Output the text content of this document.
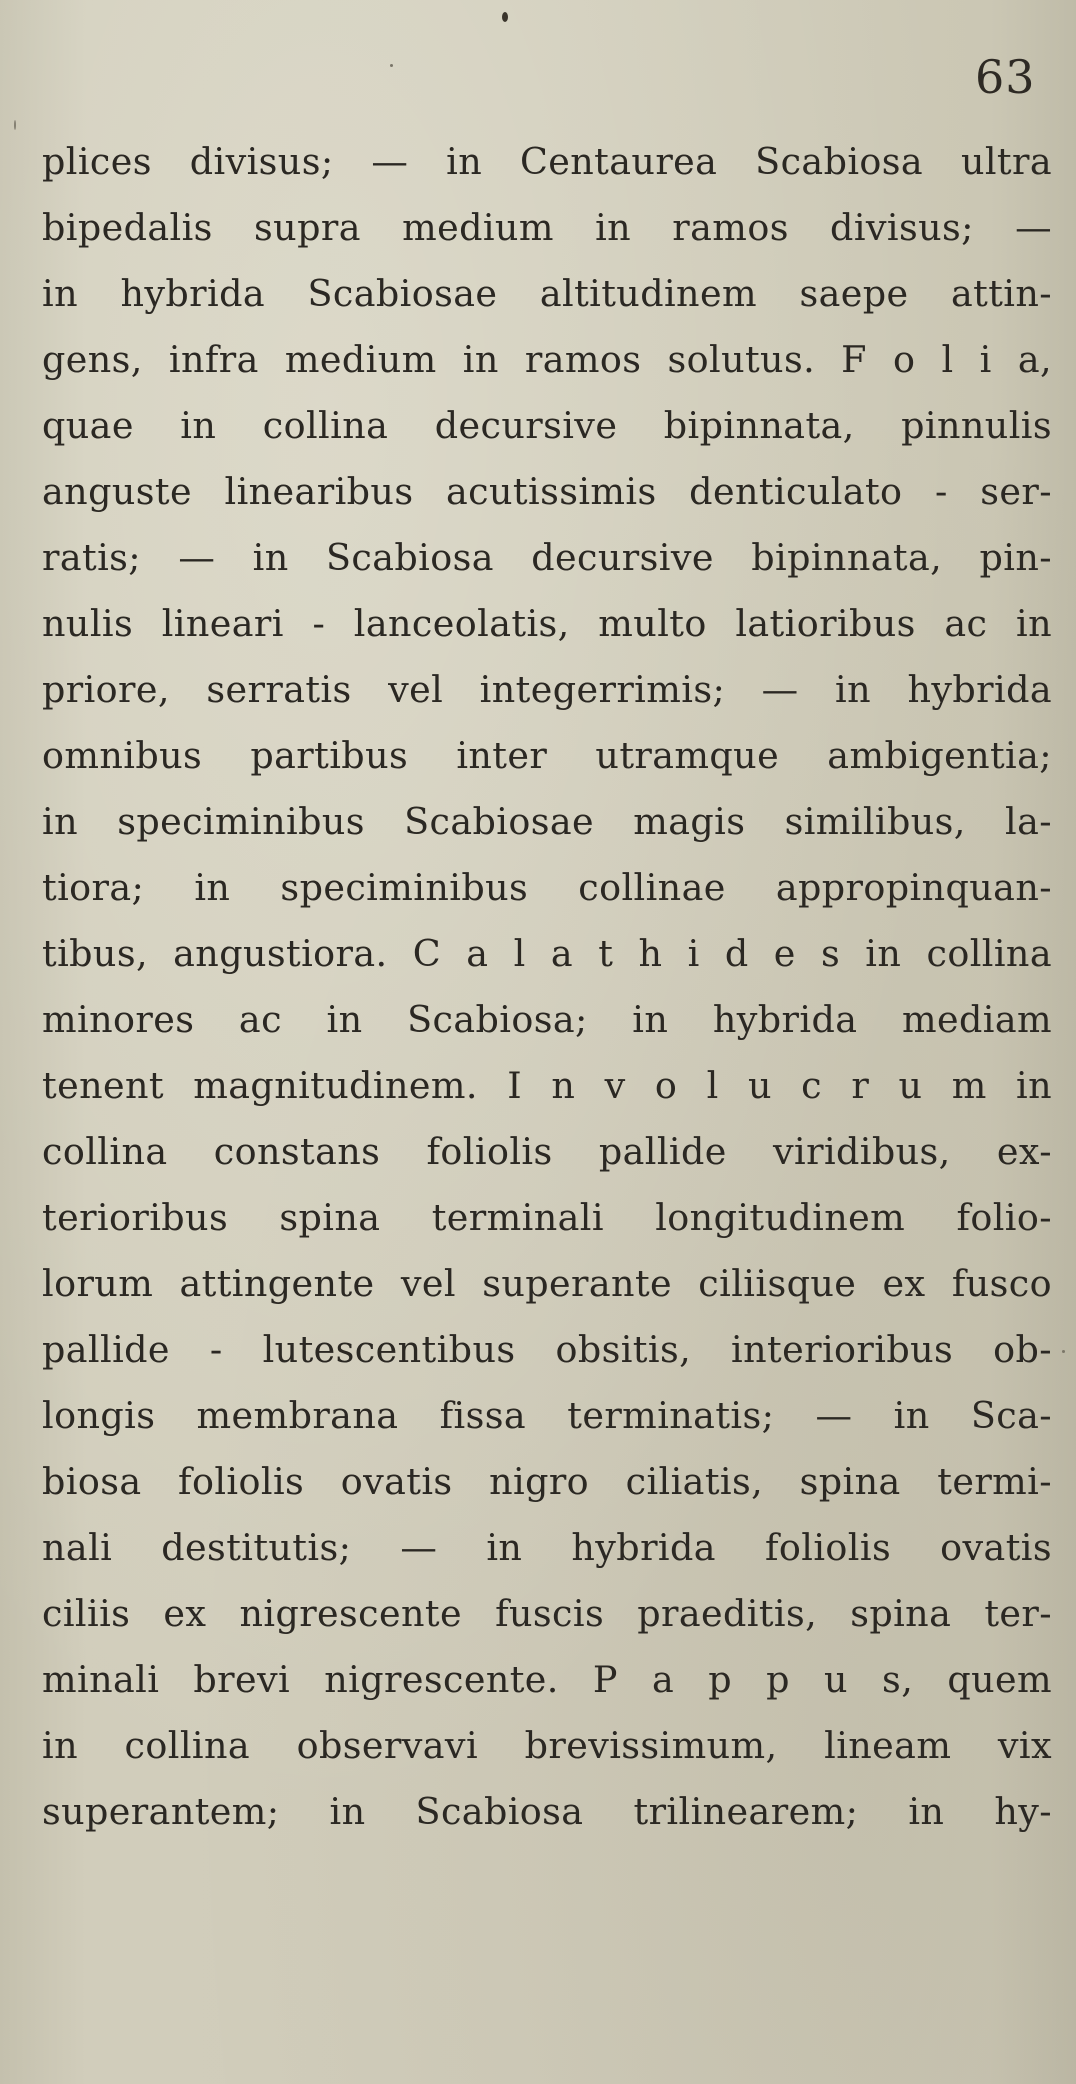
63
plices divisus; — in Centaurea Scabiosa ultra
bipedalis supra medium in ramos divisus; —
in hybrida Scabiosae altitudinem saepe attin-
gens, infra medium in ramos solutus. F o l i a,
quae in collina decursive bipinnata, pinnulis
anguste linearibus acutissimis denticulato - ser-
ratis; — in Scabiosa decursive bipinnata, pin-
nulis lineari - lanceolatis, multo latioribus ac in
priore, serratis vel integerrimis; — in hybrida
omnibus partibus inter utramque ambigentia;
in speciminibus Scabiosae magis similibus, la-
tiora; in speciminibus collinae appropinquan-
tibus, angustiora. C a l a t h i d e s in collina
minores ac in Scabiosa; in hybrida mediam
tenent magnitudinem. I n v o l u c r u m in
collina constans foliolis pallide viridibus, ex-
terioribus spina terminali longitudinem folio-
lorum attingente vel superante ciliisque ex fusco
pallide - lutescentibus obsitis, interioribus ob-
longis membrana fissa terminatis; — in Sca-
biosa foliolis ovatis nigro ciliatis, spina termi-
nali destitutis; — in hybrida foliolis ovatis
ciliis ex nigrescente fuscis praeditis, spina ter-
minali brevi nigrescente. P a p p u s, quem
in collina observavi brevissimum, lineam vix
superantem; in Scabiosa trilinearem; in hy-
